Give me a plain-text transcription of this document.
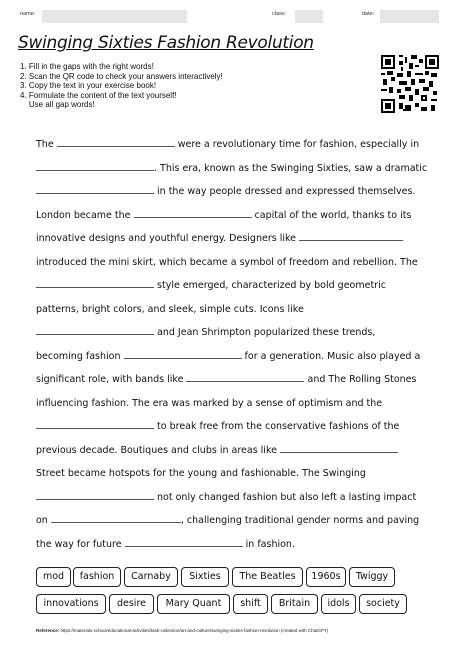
name:	class:	date:
Swinging Sixties Fashion Revolution
1. Fill in the gaps with the right words!
2. Scan the QR code to check your answers interactively!
3. Copy the text in your exercise book!
4. Formulate the content of the text yourself!
Use all gap words!
The	were a revolutionary time for fashion, especially in
. This era, known as the Swinging Sixties, saw a dramatic
in the way people dressed and expressed themselves.
London became the	capital of the world, thanks to its
innovative designs and youthful energy. Designers like
introduced the mini skirt, which became a symbol of freedom and rebellion. The
style emerged, characterized by bold geometric
patterns, bright colors, and sleek, simple cuts. Icons like
and Jean Shrimpton popularized these trends,
becoming fashion	for a generation. Music also played a
significant role, with bands like	and The Rolling Stones
influencing fashion. The era was marked by a sense of optimism and the
to break free from the conservative fashions of the
previous decade. Boutiques and clubs in areas like
Street became hotspots for the young and fashionable. The Swinging
not only changed fashion but also left a lasting impact
on	, challenging traditional gender norms and paving
the way for future	in fashion.
mod	fashion	Carnaby	Sixties	The Beatles	1960s	Twiggy
innovations	desire	Mary Quant	shift	Britain	idols	society
Reference: https://materials.school/educational-activities/task-collection/art-and-culture/swinging-sixties-fashion-revolution (created with ChatGPT)
